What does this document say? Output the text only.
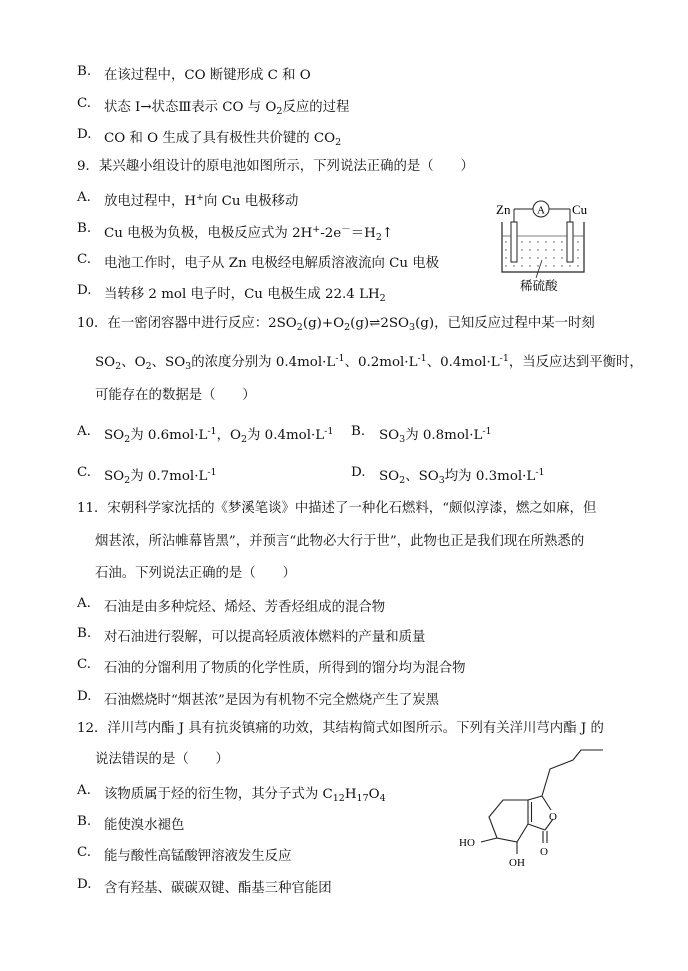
B. 在该过程中，CO 断键形成 C 和 O
C. 状态 Ⅰ→状态Ⅲ表示 CO 与 $O_2$反应的过程
D. CO 和 O 生成了具有极性共价键的 $CO_2$
9．某兴趣小组设计的原电池如图所示，下列说法正确的是（　　）
A. 放电过程中，H+向 Cu 电极移动
B. Cu 电极为负极，电极反应式为 $2H^+-2e^-=H_2↑$
C. 电池工作时，电子从 Zn 电极经电解质溶液流向 Cu 电极
D. 当转移 2 mol 电子时，Cu 电极生成 22.4 $LH_2$
Zn	Cu
A
稀硫酸
10．在一密闭容器中进行反应：$2SO_2(g)+O_2(g)\rightleftharpoons 2SO_3(g)$，已知反应过程中某一时刻
$SO_2$、$O_2$、$SO_3$的浓度分别为 $0.4mol\cdot L^{-1}$、$0.2mol\cdot L^{-1}$、$0.4mol\cdot L^{-1}$，当反应达到平衡时，
可能存在的数据是（　　）
A. $SO_2$为 $0.6mol\cdot L^{-1}$，$O_2$为 $0.4mol\cdot L^{-1}$ B.	$SO_3$为 $0.8mol\cdot L^{-1}$
C. $SO_2$为 $0.7mol\cdot L^{-1}$	D.	$SO_2$、$SO_3$均为 $0.3mol\cdot L^{-1}$
11．宋朝科学家沈括的《梦溪笔谈》中描述了一种化石燃料，“颇似淳漆，燃之如麻，但
烟甚浓，所沾帷幕皆黑”，并预言“此物必大行于世”，此物也正是我们现在所熟悉的
石油。下列说法正确的是（　　）
A. 石油是由多种烷烃、烯烃、芳香烃组成的混合物
B. 对石油进行裂解，可以提高轻质液体燃料的产量和质量
C. 石油的分馏利用了物质的化学性质，所得到的馏分均为混合物
D. 石油燃烧时“烟甚浓”是因为有机物不完全燃烧产生了炭黑
12．洋川芎内酯 J 具有抗炎镇痛的功效，其结构简式如图所示。下列有关洋川芎内酯 J 的
说法错误的是（　　）
A. 该物质属于烃的衍生物，其分子式为 $C_{12}H_{17}O_4$
B. 能使溴水褪色
C. 能与酸性高锰酸钾溶液发生反应
D. 含有羟基、碳碳双键、酯基三种官能团
O
O
HO
OH
